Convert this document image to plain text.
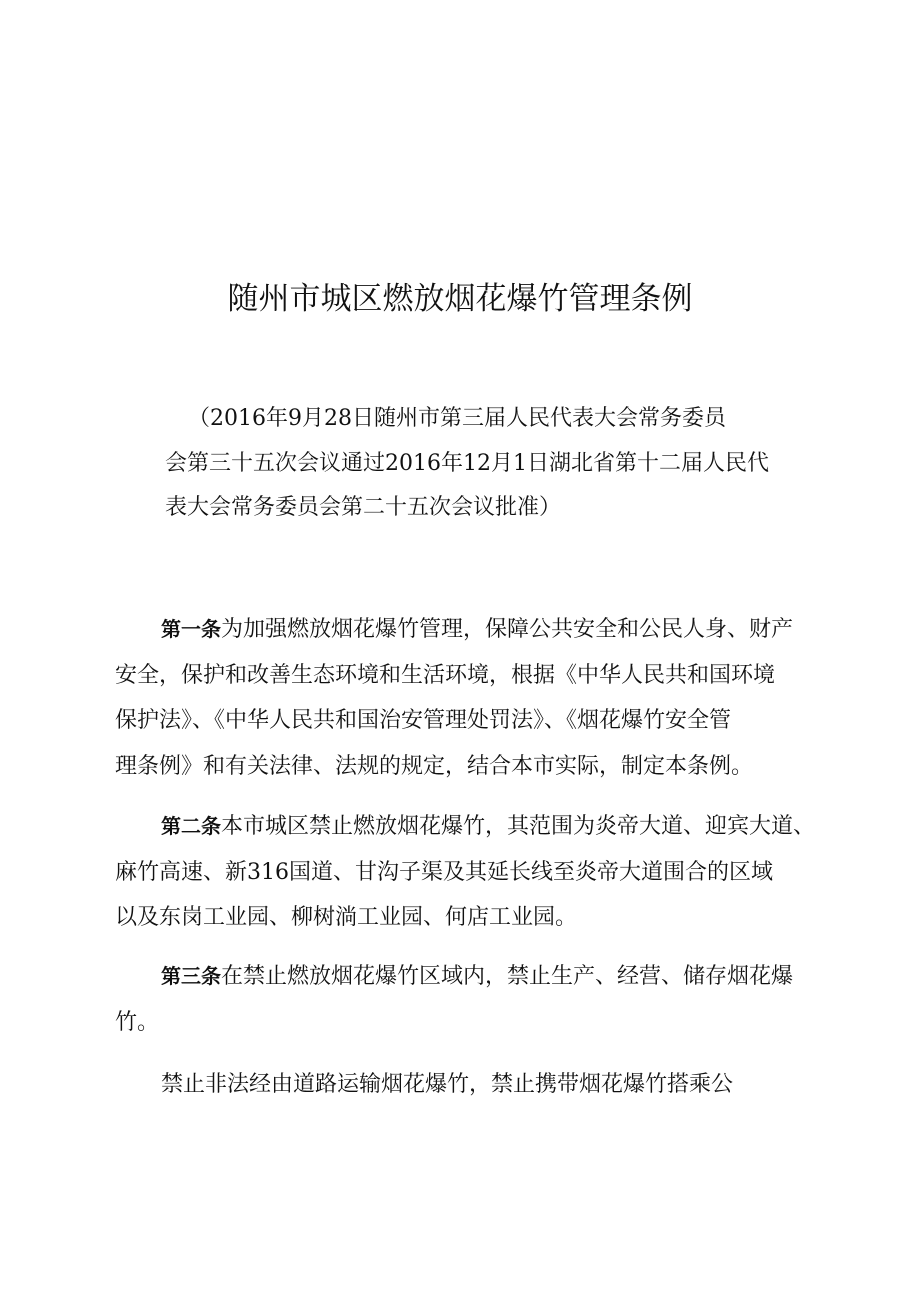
随州市城区燃放烟花爆竹管理条例

（2016年9月28日随州市第三届人民代表大会常务委员
会第三十五次会议通过2016年12月1日湖北省第十二届人民代
表大会常务委员会第二十五次会议批准）

第一条为加强燃放烟花爆竹管理，保障公共安全和公民人身、财产
安全，保护和改善生态环境和生活环境，根据《中华人民共和国环境
保护法》、《中华人民共和国治安管理处罚法》、《烟花爆竹安全管
理条例》和有关法律、法规的规定，结合本市实际，制定本条例。
第二条本市城区禁止燃放烟花爆竹，其范围为炎帝大道、迎宾大道、
麻竹高速、新316国道、甘沟子渠及其延长线至炎帝大道围合的区域
以及东岗工业园、柳树淌工业园、何店工业园。
第三条在禁止燃放烟花爆竹区域内，禁止生产、经营、储存烟花爆
竹。
禁止非法经由道路运输烟花爆竹，禁止携带烟花爆竹搭乘公
